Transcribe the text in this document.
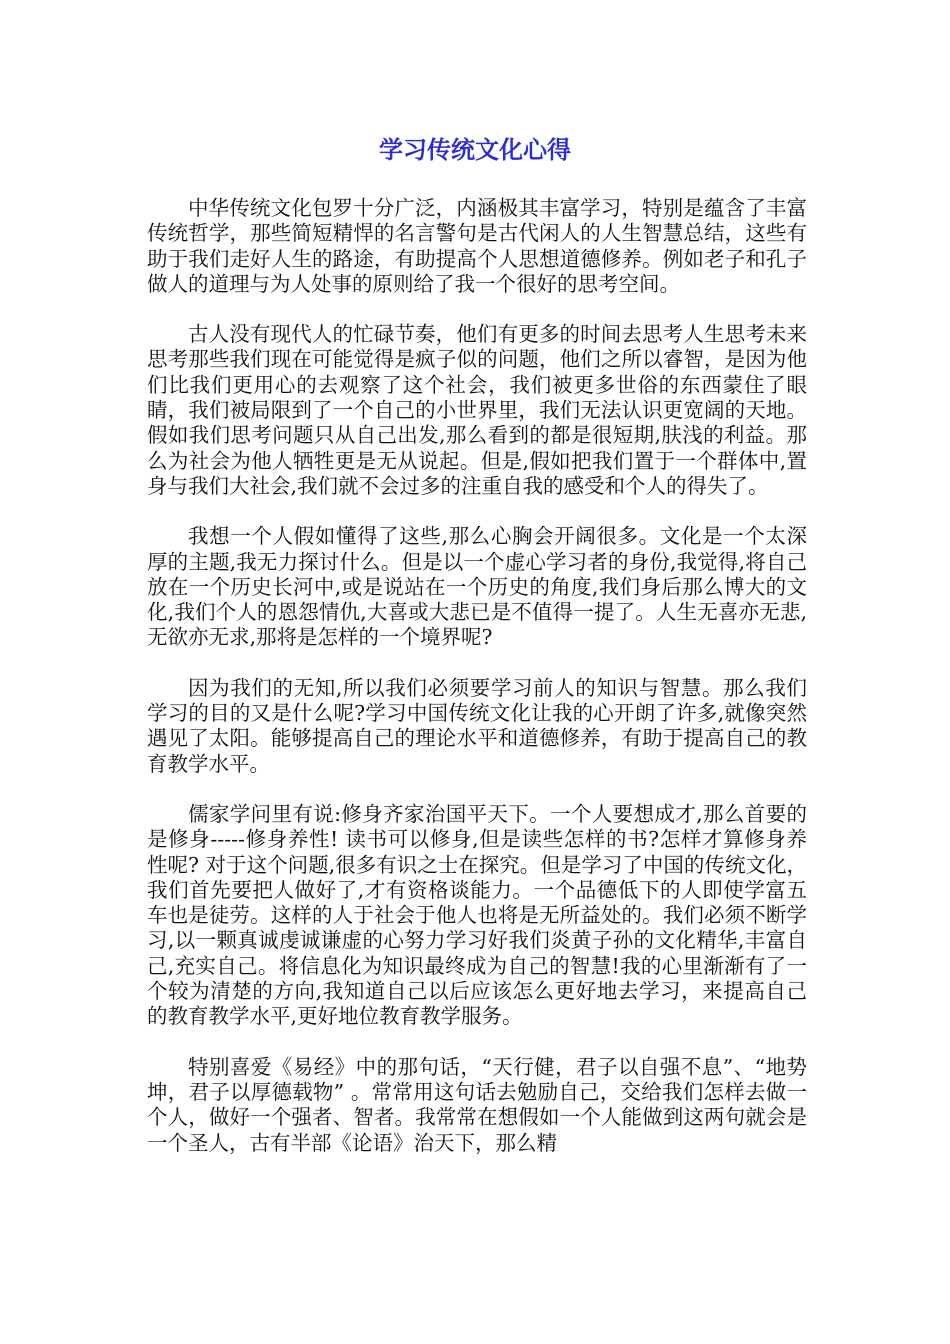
学习传统文化心得

中华传统文化包罗十分广泛，内涵极其丰富学习，特别是蕴含了丰富传统哲学，那些简短精悍的名言警句是古代闲人的人生智慧总结，这些有助于我们走好人生的路途，有助提高个人思想道德修养。例如老子和孔子做人的道理与为人处事的原则给了我一个很好的思考空间。

古人没有现代人的忙碌节奏，他们有更多的时间去思考人生思考未来思考那些我们现在可能觉得是疯子似的问题，他们之所以睿智，是因为他们比我们更用心的去观察了这个社会，我们被更多世俗的东西蒙住了眼睛，我们被局限到了一个自己的小世界里，我们无法认识更宽阔的天地。假如我们思考问题只从自己出发,那么看到的都是很短期,肤浅的利益。那么为社会为他人牺牲更是无从说起。但是,假如把我们置于一个群体中,置身与我们大社会,我们就不会过多的注重自我的感受和个人的得失了。

我想一个人假如懂得了这些,那么心胸会开阔很多。文化是一个太深厚的主题,我无力探讨什么。但是以一个虚心学习者的身份,我觉得,将自己放在一个历史长河中,或是说站在一个历史的角度,我们身后那么博大的文化,我们个人的恩怨情仇,大喜或大悲已是不值得一提了。人生无喜亦无悲,无欲亦无求,那将是怎样的一个境界呢?

因为我们的无知,所以我们必须要学习前人的知识与智慧。那么我们学习的目的又是什么呢?学习中国传统文化让我的心开朗了许多,就像突然遇见了太阳。能够提高自己的理论水平和道德修养，有助于提高自己的教育教学水平。

儒家学问里有说:修身齐家治国平天下。一个人要想成才,那么首要的是修身-----修身养性! 读书可以修身,但是读些怎样的书?怎样才算修身养性呢? 对于这个问题,很多有识之士在探究。但是学习了中国的传统文化，我们首先要把人做好了,才有资格谈能力。一个品德低下的人即使学富五车也是徒劳。这样的人于社会于他人也将是无所益处的。我们必须不断学习,以一颗真诚虔诚谦虚的心努力学习好我们炎黄子孙的文化精华,丰富自己,充实自己。将信息化为知识最终成为自己的智慧!我的心里渐渐有了一个较为清楚的方向,我知道自己以后应该怎么更好地去学习，来提高自己的教育教学水平,更好地位教育教学服务。

特别喜爱《易经》中的那句话，“天行健，君子以自强不息”、“地势坤，君子以厚德载物” 。常常用这句话去勉励自己，交给我们怎样去做一个人，做好一个强者、智者。我常常在想假如一个人能做到这两句就会是一个圣人，古有半部《论语》治天下，那么精
